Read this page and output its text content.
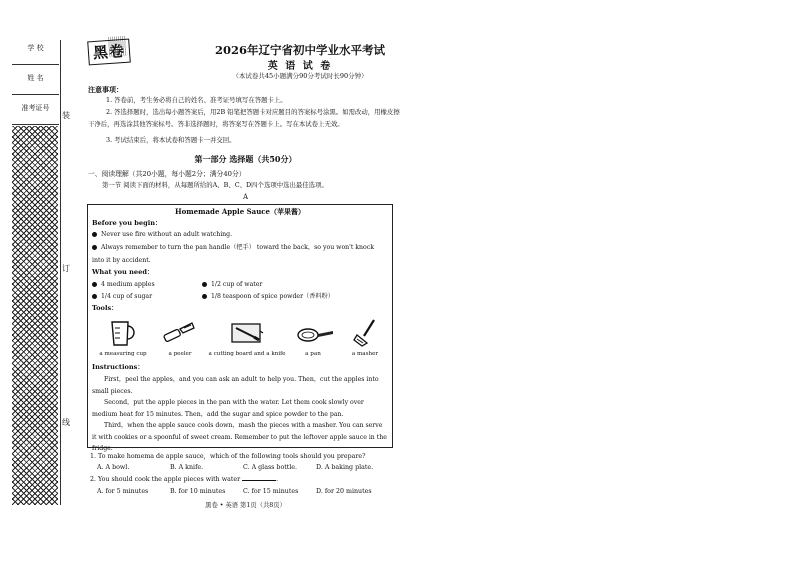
学 校
姓 名
准考证号
装
订
线
黑卷	2026年辽宁省初中学业水平考试
英 语 试 卷
（本试卷共45小题满分90分考试时长90分钟）
注意事项：

1. 答卷前，考生务必将自己的姓名、准考证号填写在答题卡上。

2. 答选择题时，选出每小题答案后，用2B 铅笔把答题卡对应题目的答案标号涂黑。如需改动，用橡皮擦干净后，再选涂其他答案标号。答非选择题时，将答案写在答题卡上。写在本试卷上无效。

3. 考试结束后，将本试卷和答题卡一并交回。

第一部分 选择题（共50分）
一、阅读理解（共20小题，每小题2分；满分40分）
第一节 阅读下面的材料，从每题所给的A、B、C、D四个选项中选出最佳选项。
A
Homemade Apple Sauce（苹果酱）
Before you begin：
Never use fire without an adult watching.
Always remember to turn the pan handle（把手） toward the back，so you won't knock into it by accident.
What you need：
4 medium apples	1/2 cup of water
1/4 cup of sugar	1/8 teaspoon of spice powder（香料粉）
Tools：
a measuring cup	a peeler	a cutting board and a knife	a pan	a masher
Instructions：

First，peel the apples，and you can ask an adult to help you. Then，cut the apples into small pieces.

Second，put the apple pieces in the pan with the water. Let them cook slowly over medium heat for 15 minutes. Then，add the sugar and spice powder to the pan.

Third，when the apple sauce cools down，mash the pieces with a masher. You can serve it with cookies or a spoonful of sweet cream. Remember to put the leftover apple sauce in the fridge.

1. To make homema de apple sauce，which of the following tools should you prepare?
A. A bowl.	B. A knife.	C. A glass bottle.	D. A baking plate.
2. You should cook the apple pieces with water	.
A. for 5 minutes	B. for 10 minutes	C. for 15 minutes	D. for 20 minutes
黑卷 • 英语 第1页（共8页）
